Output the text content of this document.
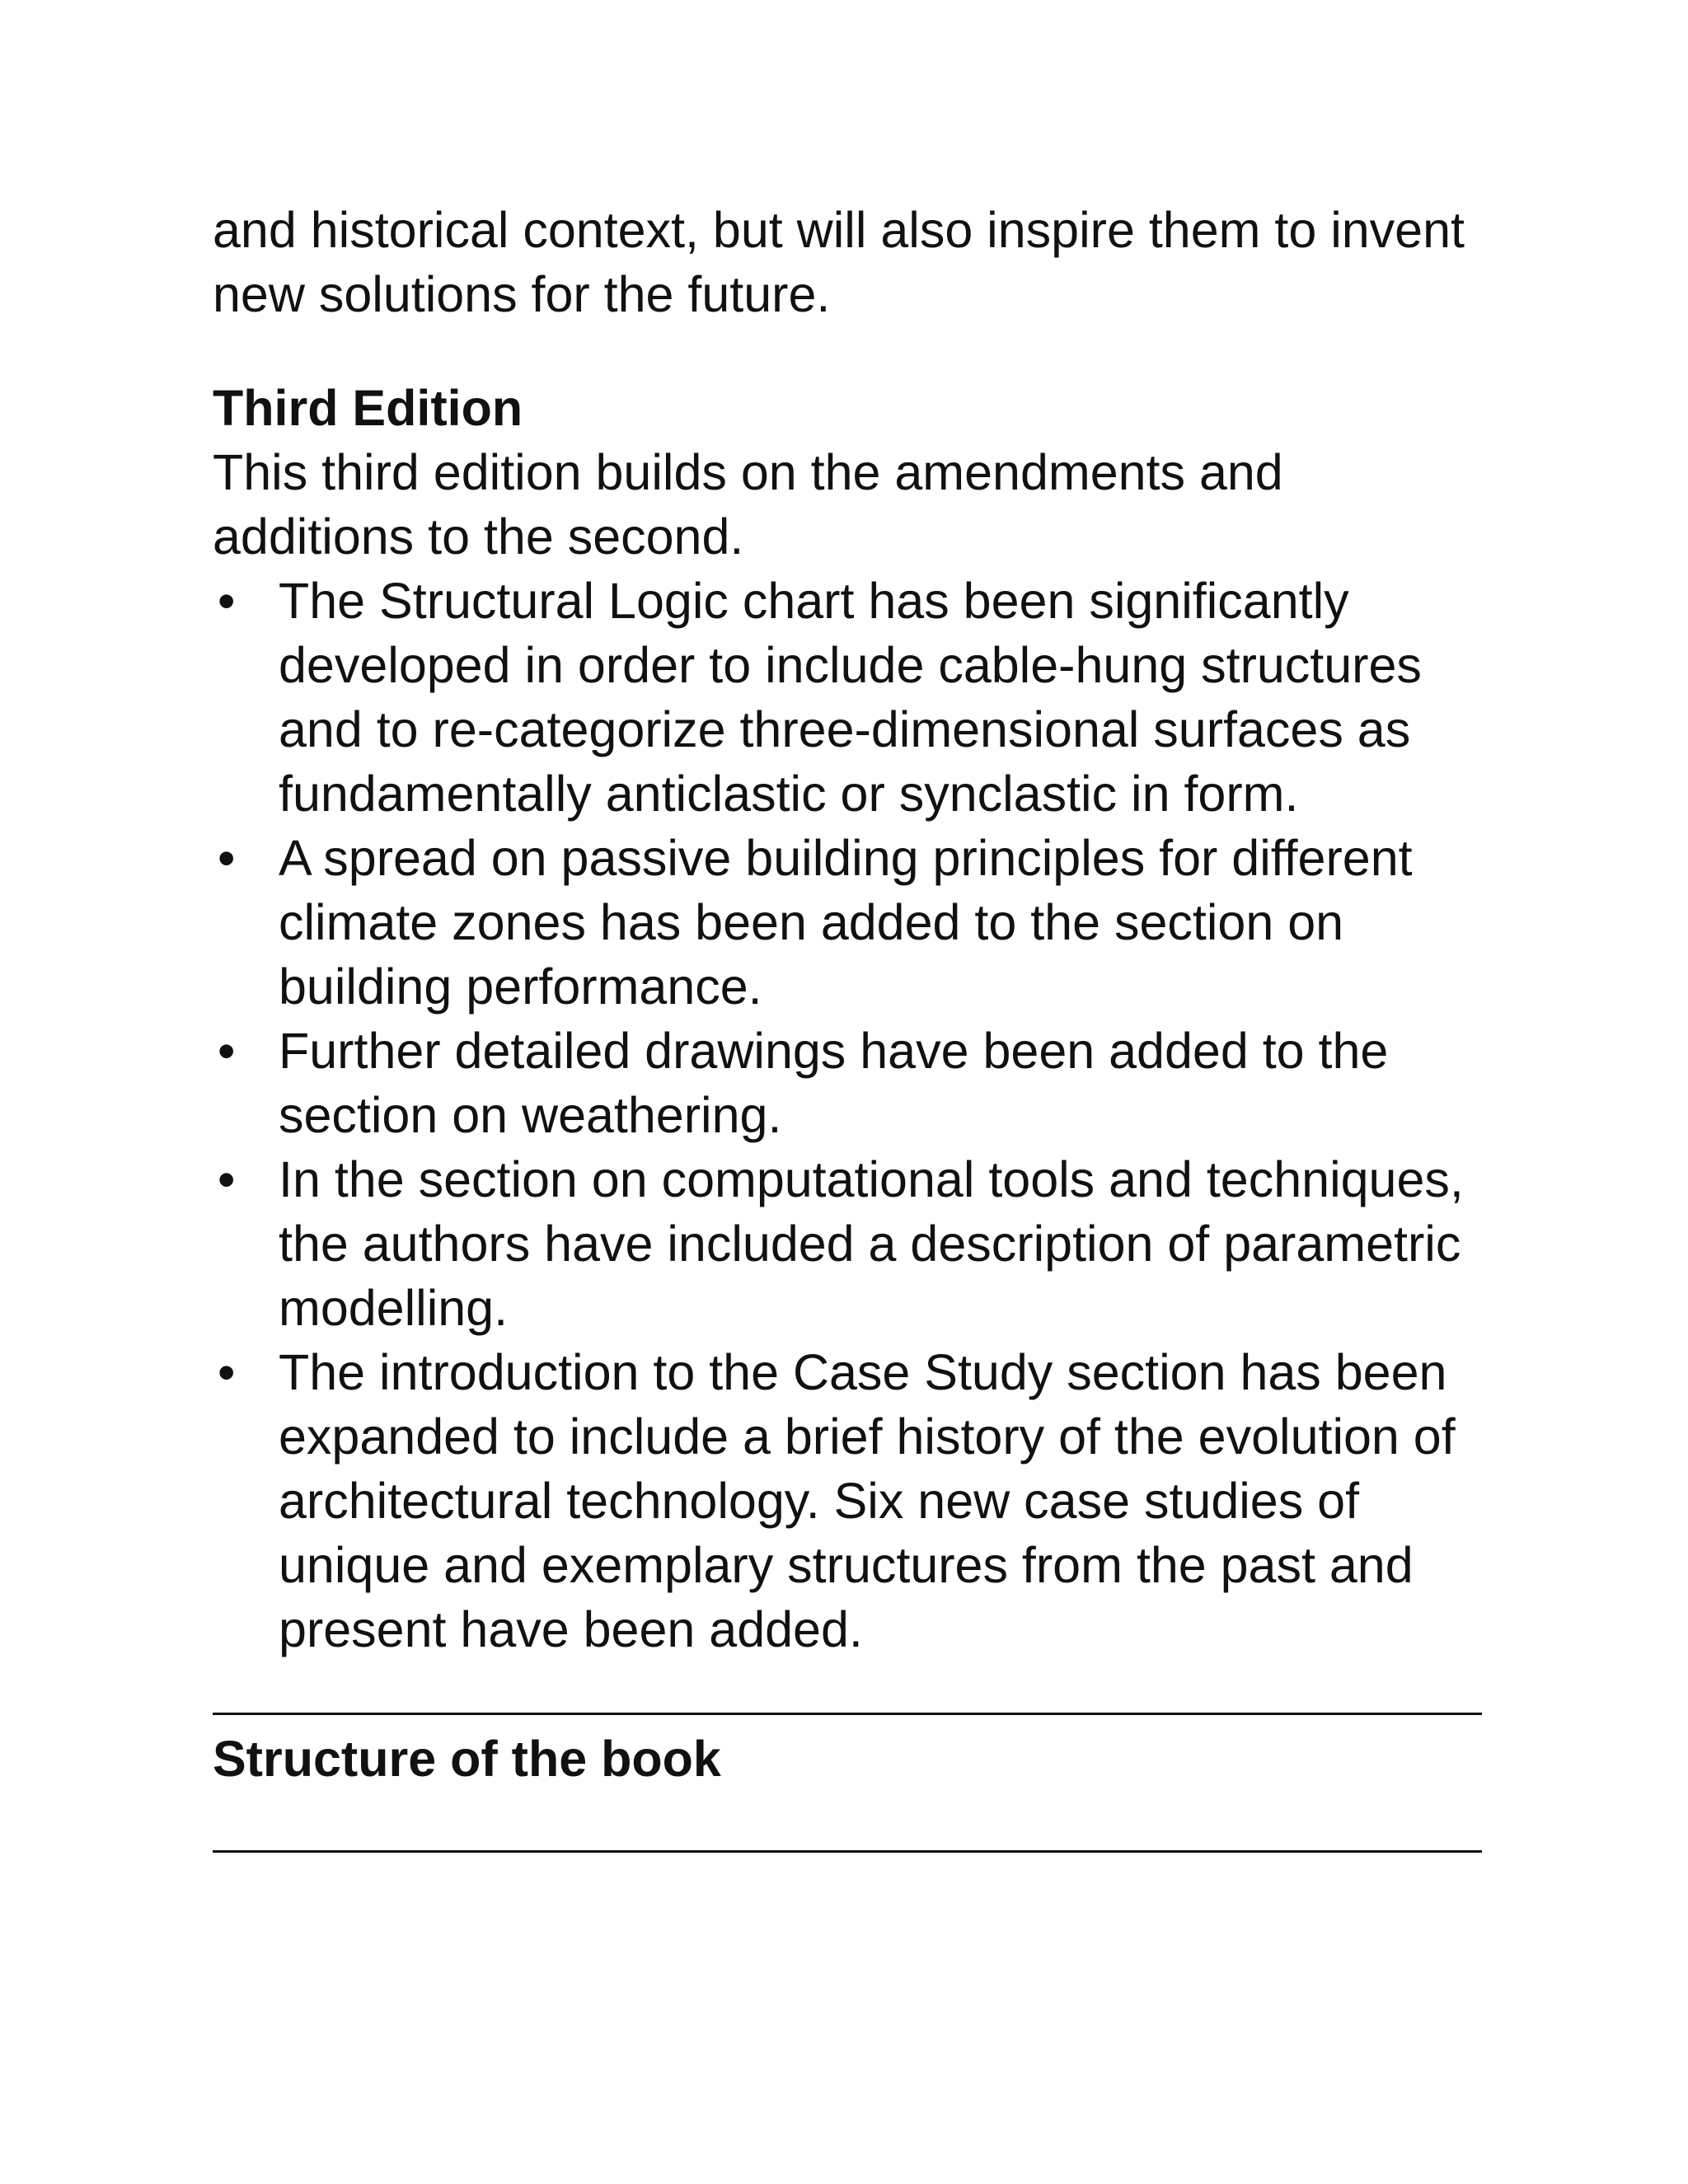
and historical context, but will also inspire them to invent new solutions for the future.

Third Edition

This third edition builds on the amendments and additions to the second.

• The Structural Logic chart has been significantly developed in order to include cable-hung structures and to re-categorize three-dimensional surfaces as fundamentally anticlastic or synclastic in form.
• A spread on passive building principles for different climate zones has been added to the section on building performance.
• Further detailed drawings have been added to the section on weathering.
• In the section on computational tools and techniques, the authors have included a description of parametric modelling.
• The introduction to the Case Study section has been expanded to include a brief history of the evolution of architectural technology. Six new case studies of unique and exemplary structures from the past and present have been added.
Structure of the book
